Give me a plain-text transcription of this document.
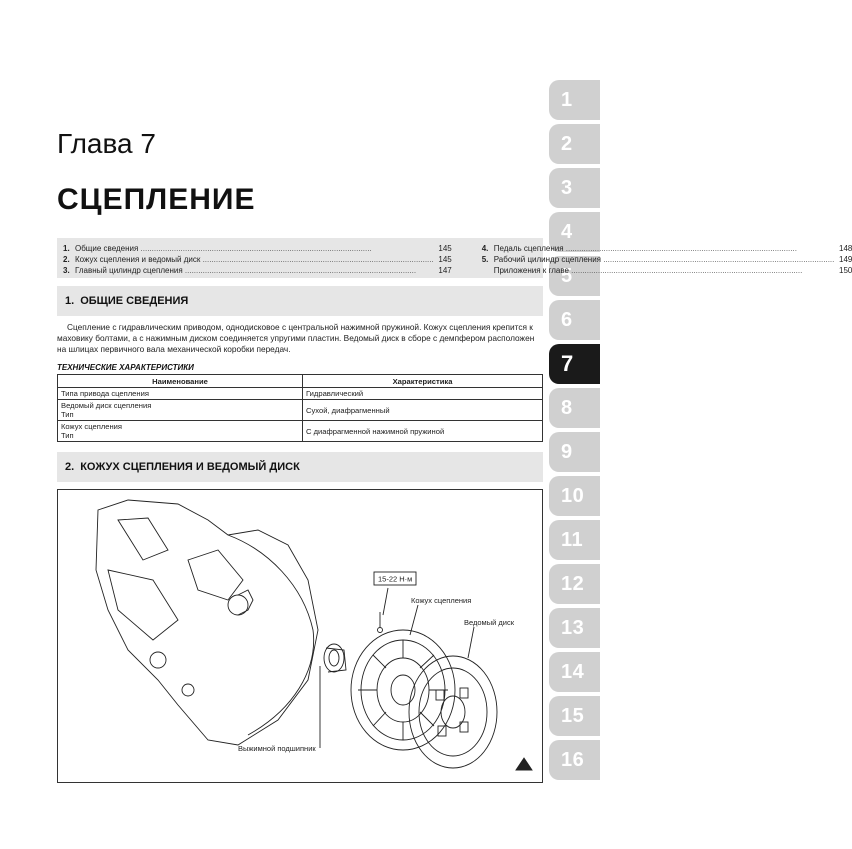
1
2
3
4
5
6
7
8
9
10
11
12
13
14
15
16
Глава 7
СЦЕПЛЕНИЕ
1. Общие сведения .....	145
2. Кожух сцепления и ведомый диск .....	145
3. Главный цилиндр сцепления .....	147
4. Педаль сцепления .....	148
5. Рабочий цилиндр сцепления .....	149
Приложения к главе .....	150
1. ОБЩИЕ СВЕДЕНИЯ
Сцепление с гидравлическим приводом, однодисковое с центральной нажимной пружиной. Кожух сцепления крепится к маховику болтами, а с нажимным диском соединяется упругими пластин. Ведомый диск в сборе с демпфером расположен на шлицах первичного вала механической коробки передач.
ТЕХНИЧЕСКИЕ ХАРАКТЕРИСТИКИ
Наименование	Характеристика
Типа привода сцепления	Гидравлический
Ведомый диск сцепления
Тип	Сухой, диафрагменный
Кожух сцепления
Тип	С диафрагменной нажимной пружиной
2. КОЖУХ СЦЕПЛЕНИЯ И ВЕДОМЫЙ ДИСК
15-22 Н·м
Кожух сцепления
Ведомый диск
Выжимной подшипник
